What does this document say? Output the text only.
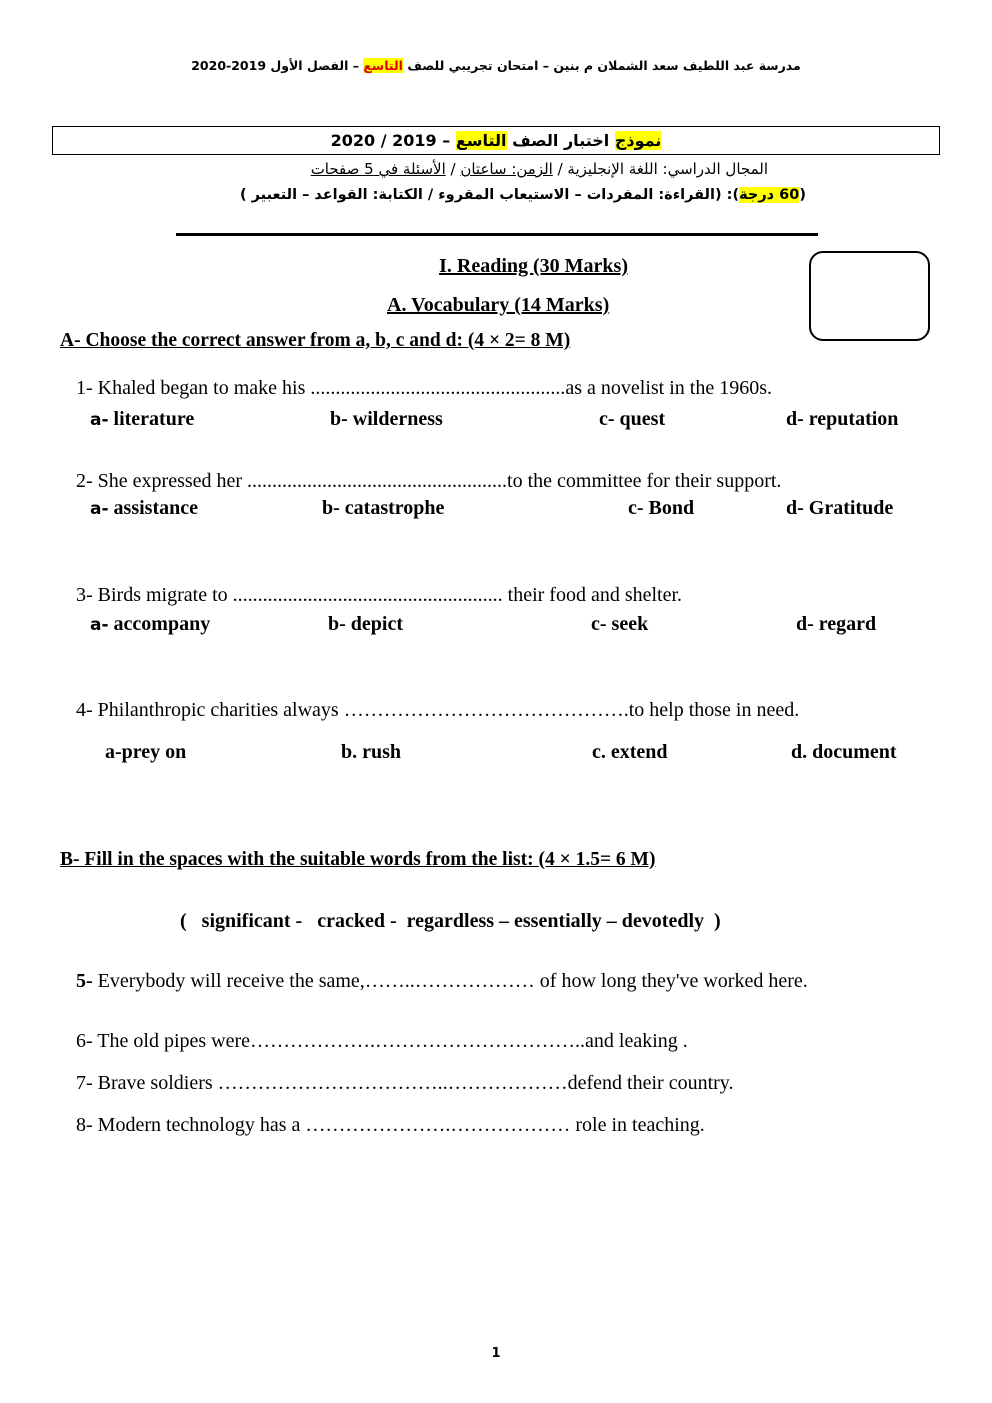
مدرسة عبد اللطيف سعد الشملان م بنين – امتحان تجريبي للصف التاسع – الفصل الأول 2019-2020
نموذج اختبار الصف التاسع – 2019 / 2020
المجال الدراسي: اللغة الإنجليزية / الزمن: ساعتان / الأسئلة في 5 صفحات
(60 درجة): (القراءة: المفردات – الاستيعاب المقروء / الكتابة: القواعد – التعبير )
I. Reading (30 Marks)
A. Vocabulary (14 Marks)
A- Choose the correct answer from a, b, c and d: (4 × 2= 8 M)
1- Khaled began to make his ...................................................as a novelist in the 1960s.
a- literature	b- wilderness	c- quest	d- reputation
2- She expressed her ....................................................to the committee for their support.
a- assistance	b- catastrophe	c- Bond	d- Gratitude
3- Birds migrate to ...................................................... their food and shelter.
a- accompany	b- depict	c- seek	d- regard
4- Philanthropic charities always …………………………………….to help those in need.
a-prey on	b. rush	c. extend	d. document
B- Fill in the spaces with the suitable words from the list: (4 × 1.5= 6 M)
(   significant -   cracked -  regardless – essentially – devotedly  )
5- Everybody will receive the same,……..……………… of how long they've worked here.
6- The old pipes were……………….…………………………..and leaking .
7- Brave soldiers ……………………………..………………defend their country.
8- Modern technology has a ………………….……………… role in teaching.
1
